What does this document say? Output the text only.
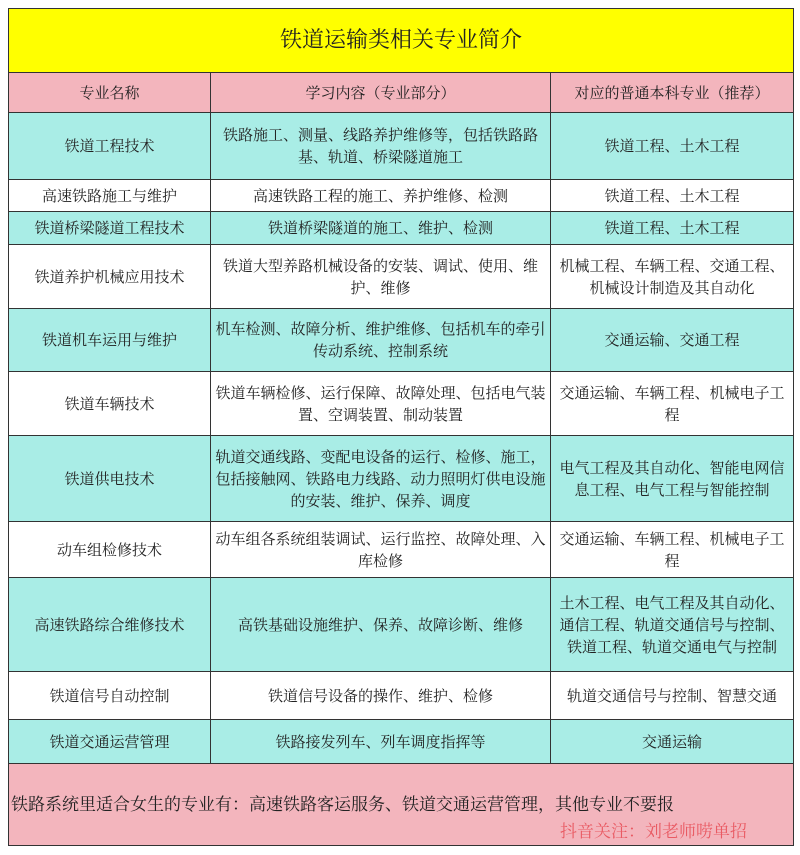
铁道运输类相关专业简介		
专业名称	学习内容（专业部分）	对应的普通本科专业（推荐）
铁道工程技术	铁路施工、测量、线路养护维修等，包括铁路路基、轨道、桥梁隧道施工	铁道工程、土木工程
高速铁路施工与维护	高速铁路工程的施工、养护维修、检测	铁道工程、土木工程
铁道桥梁隧道工程技术	铁道桥梁隧道的施工、维护、检测	铁道工程、土木工程
铁道养护机械应用技术	铁道大型养路机械设备的安装、调试、使用、维护、维修	机械工程、车辆工程、交通工程、机械设计制造及其自动化
铁道机车运用与维护	机车检测、故障分析、维护维修、包括机车的牵引传动系统、控制系统	交通运输、交通工程
铁道车辆技术	铁道车辆检修、运行保障、故障处理、包括电气装置、空调装置、制动装置	交通运输、车辆工程、机械电子工程
铁道供电技术	轨道交通线路、变配电设备的运行、检修、施工，包括接触网、铁路电力线路、动力照明灯供电设施的安装、维护、保养、调度	电气工程及其自动化、智能电网信息工程、电气工程与智能控制
动车组检修技术	动车组各系统组装调试、运行监控、故障处理、入库检修	交通运输、车辆工程、机械电子工程
高速铁路综合维修技术	高铁基础设施维护、保养、故障诊断、维修	土木工程、电气工程及其自动化、通信工程、轨道交通信号与控制、铁道工程、轨道交通电气与控制
铁道信号自动控制	铁道信号设备的操作、维护、检修	轨道交通信号与控制、智慧交通
铁道交通运营管理	铁路接发列车、列车调度指挥等	交通运输
铁路系统里适合女生的专业有：高速铁路客运服务、铁道交通运营管理，其他专业不要报		
抖音关注：刘老师唠单招
